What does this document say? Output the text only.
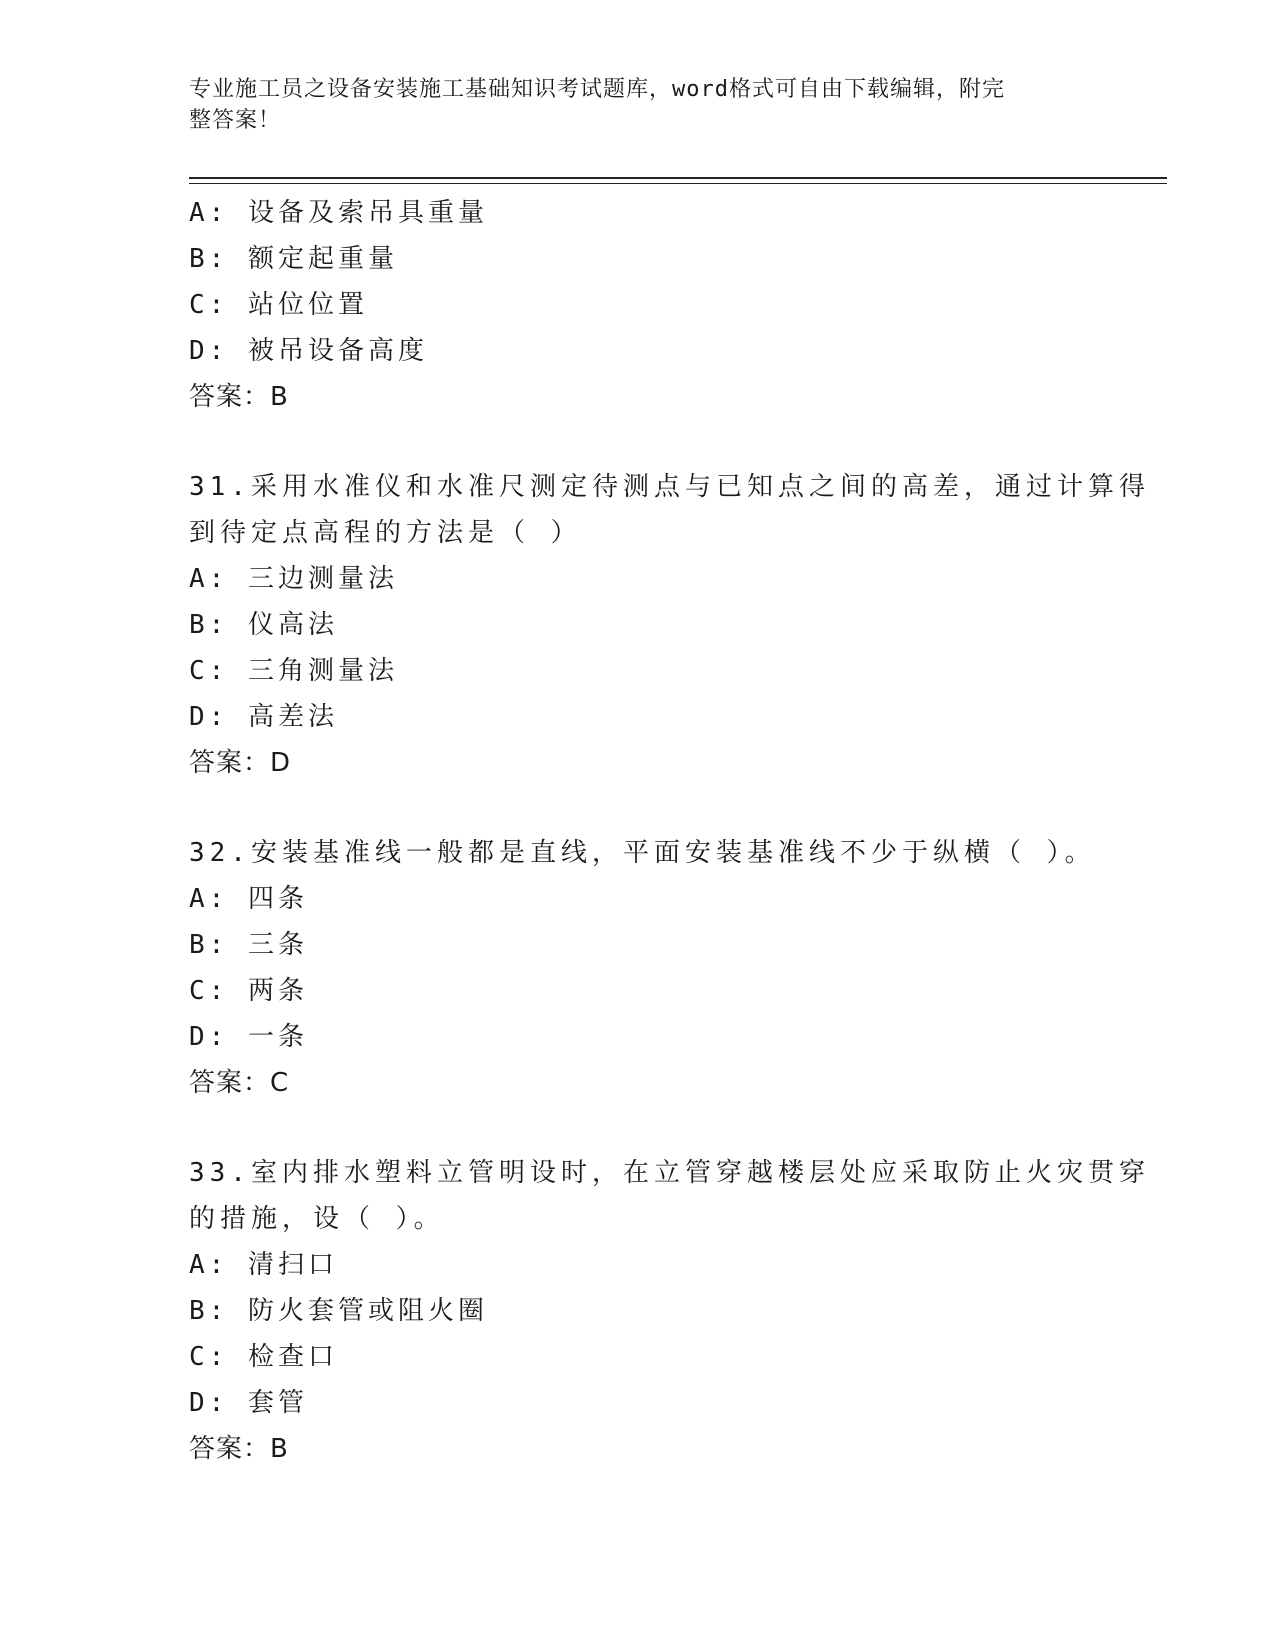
专业施工员之设备安装施工基础知识考试题库，word格式可自由下载编辑，附完
整答案！
A: 设备及索吊具重量
B: 额定起重量
C: 站位位置
D: 被吊设备高度
答案：B
31.采用水准仪和水准尺测定待测点与已知点之间的高差，通过计算得
到待定点高程的方法是（ ）
A: 三边测量法
B: 仪高法
C: 三角测量法
D: 高差法
答案：D
32.安装基准线一般都是直线，平面安装基准线不少于纵横（ ）。
A: 四条
B: 三条
C: 两条
D: 一条
答案：C
33.室内排水塑料立管明设时，在立管穿越楼层处应采取防止火灾贯穿
的措施，设（ ）。
A: 清扫口
B: 防火套管或阻火圈
C: 检查口
D: 套管
答案：B
